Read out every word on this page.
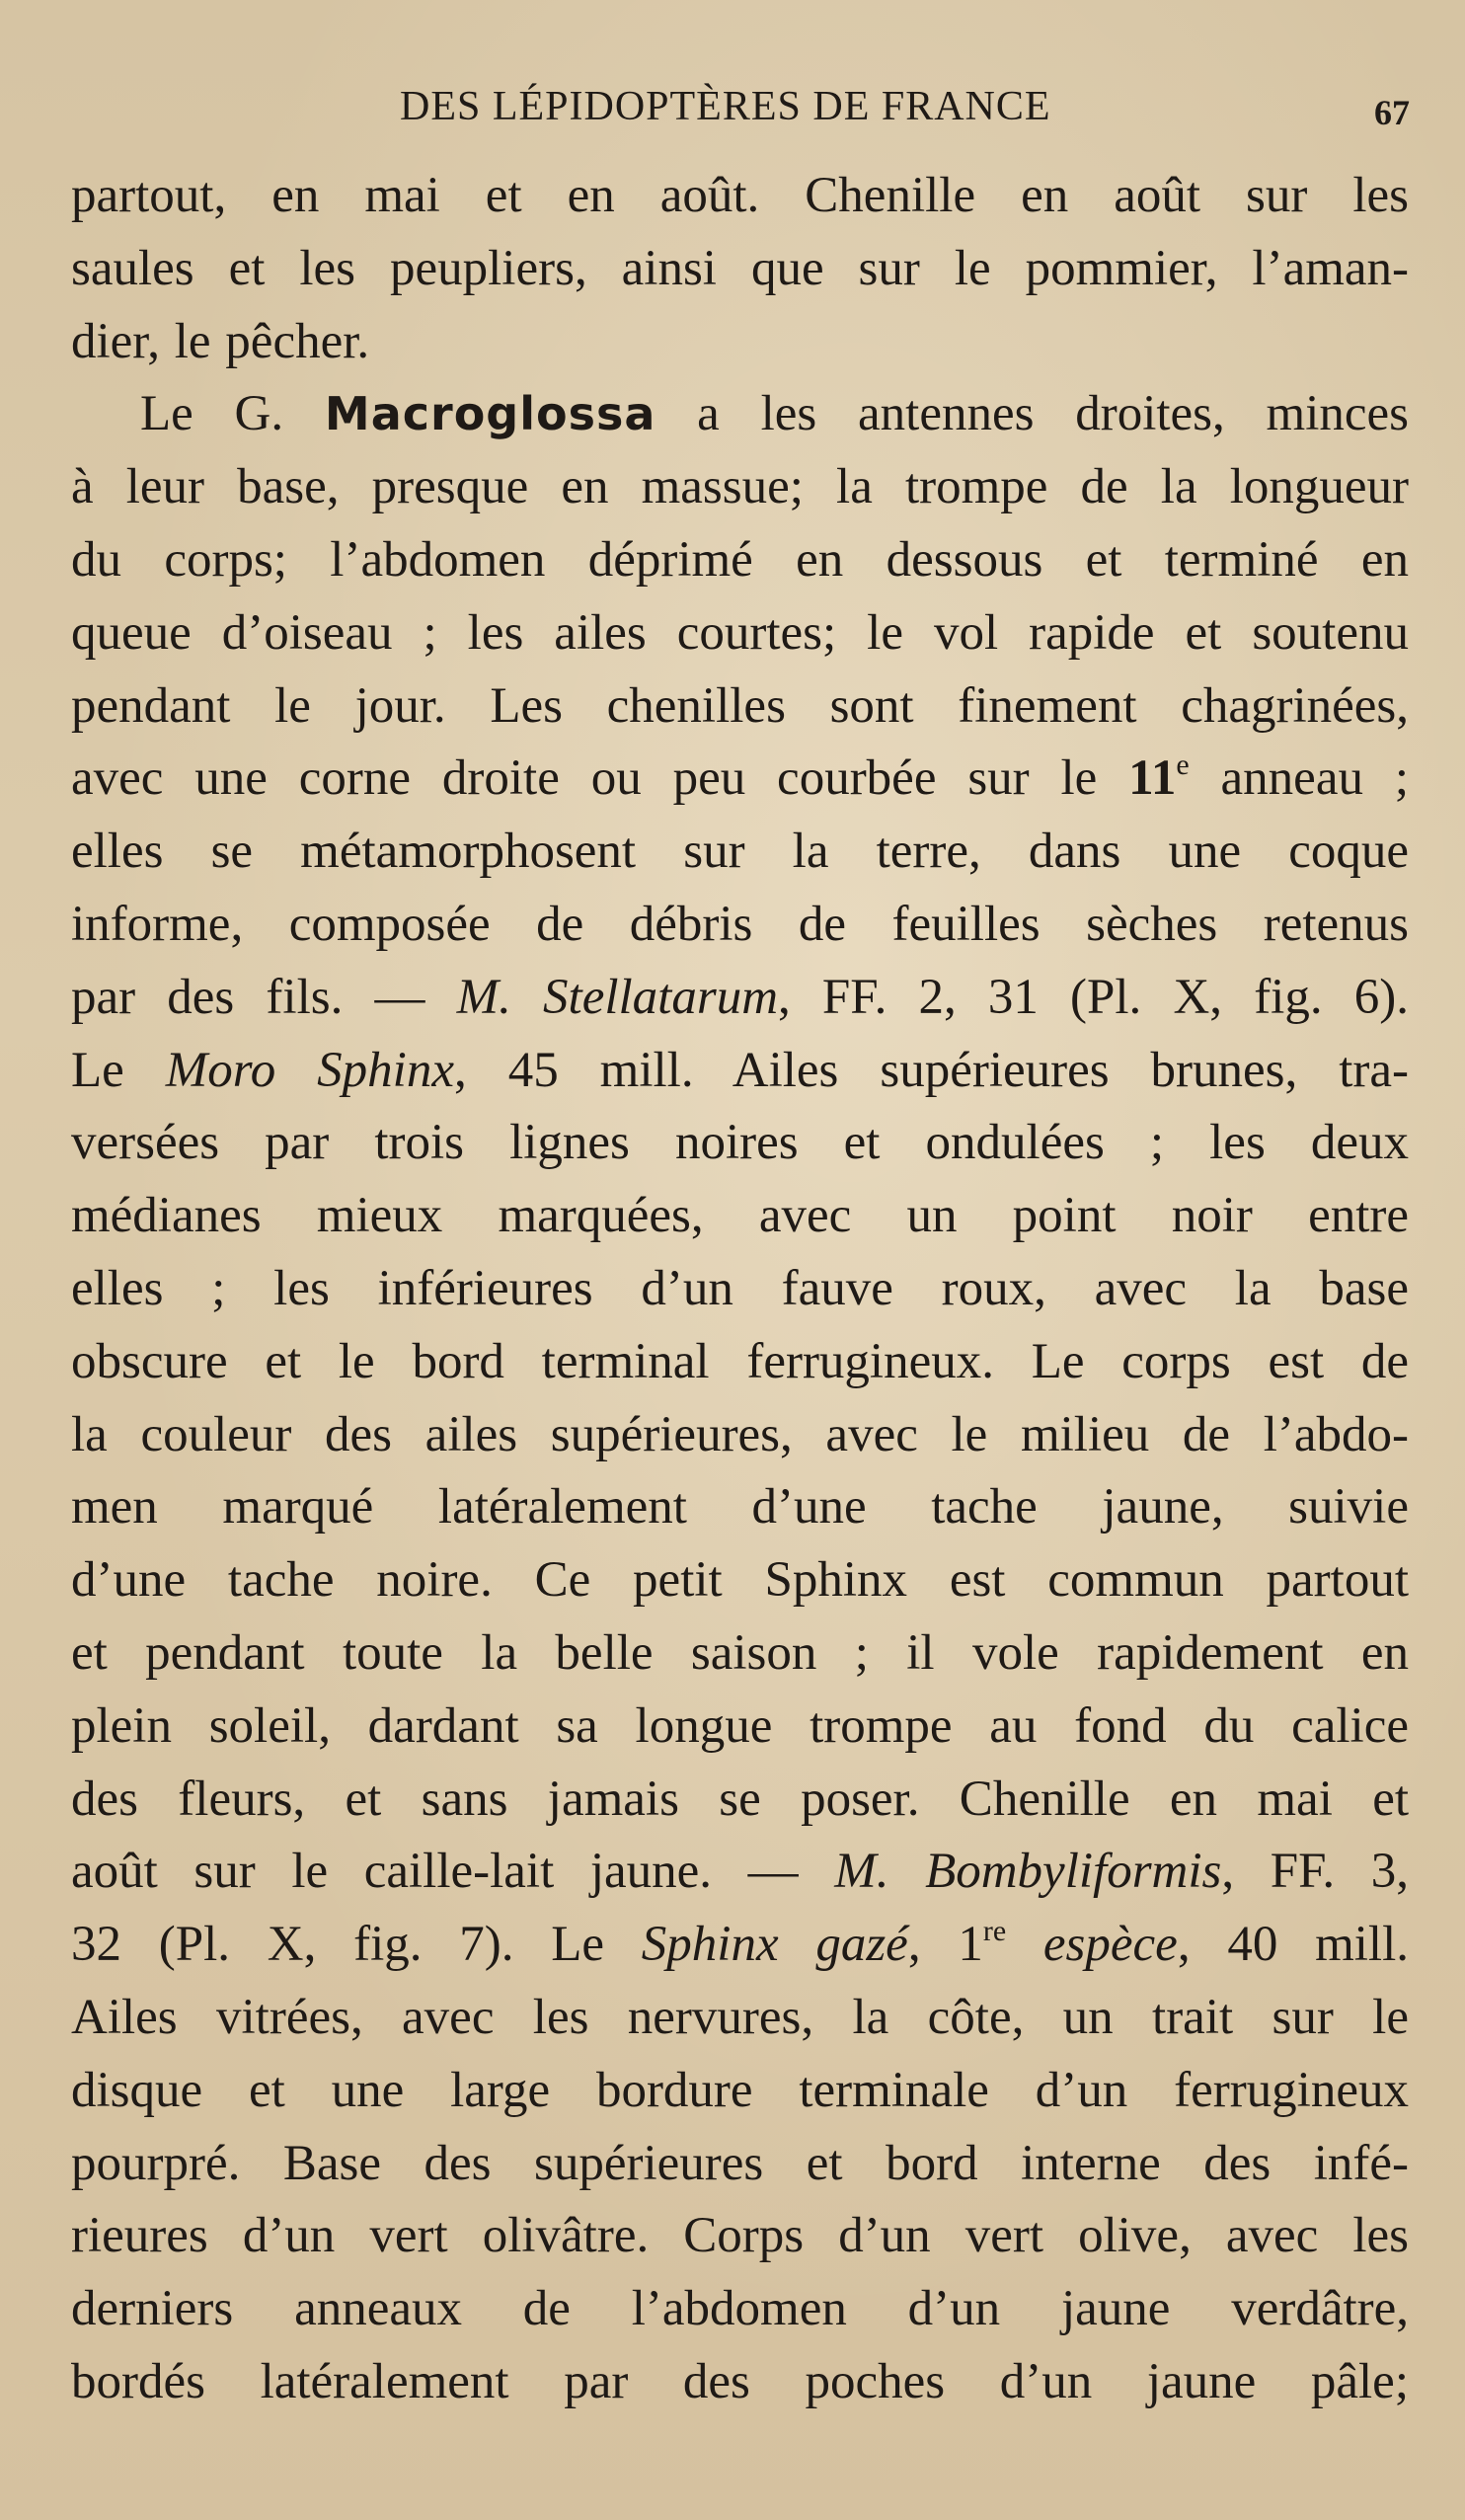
DES LÉPIDOPTÈRES DE FRANCE	67
partout, en mai et en août. Chenille en août sur les
saules et les peupliers, ainsi que sur le pommier, l’aman-
dier, le pêcher.
Le G. Macroglossa a les antennes droites, minces
à leur base, presque en massue; la trompe de la longueur
du corps; l’abdomen déprimé en dessous et terminé en
queue d’oiseau ; les ailes courtes; le vol rapide et soutenu
pendant le jour. Les chenilles sont finement chagrinées,
avec une corne droite ou peu courbée sur le 11e anneau ;
elles se métamorphosent sur la terre, dans une coque
informe, composée de débris de feuilles sèches retenus
par des fils. — M. Stellatarum, FF. 2, 31 (Pl. X, fig. 6).
Le Moro Sphinx, 45 mill. Ailes supérieures brunes, tra-
versées par trois lignes noires et ondulées ; les deux
médianes mieux marquées, avec un point noir entre
elles ; les inférieures d’un fauve roux, avec la base
obscure et le bord terminal ferrugineux. Le corps est de
la couleur des ailes supérieures, avec le milieu de l’abdo-
men marqué latéralement d’une tache jaune, suivie
d’une tache noire. Ce petit Sphinx est commun partout
et pendant toute la belle saison ; il vole rapidement en
plein soleil, dardant sa longue trompe au fond du calice
des fleurs, et sans jamais se poser. Chenille en mai et
août sur le caille-lait jaune. — M. Bombyliformis, FF. 3,
32 (Pl. X, fig. 7). Le Sphinx gazé, 1re espèce, 40 mill.
Ailes vitrées, avec les nervures, la côte, un trait sur le
disque et une large bordure terminale d’un ferrugineux
pourpré. Base des supérieures et bord interne des infé-
rieures d’un vert olivâtre. Corps d’un vert olive, avec les
derniers anneaux de l’abdomen d’un jaune verdâtre,
bordés latéralement par des poches d’un jaune pâle;
